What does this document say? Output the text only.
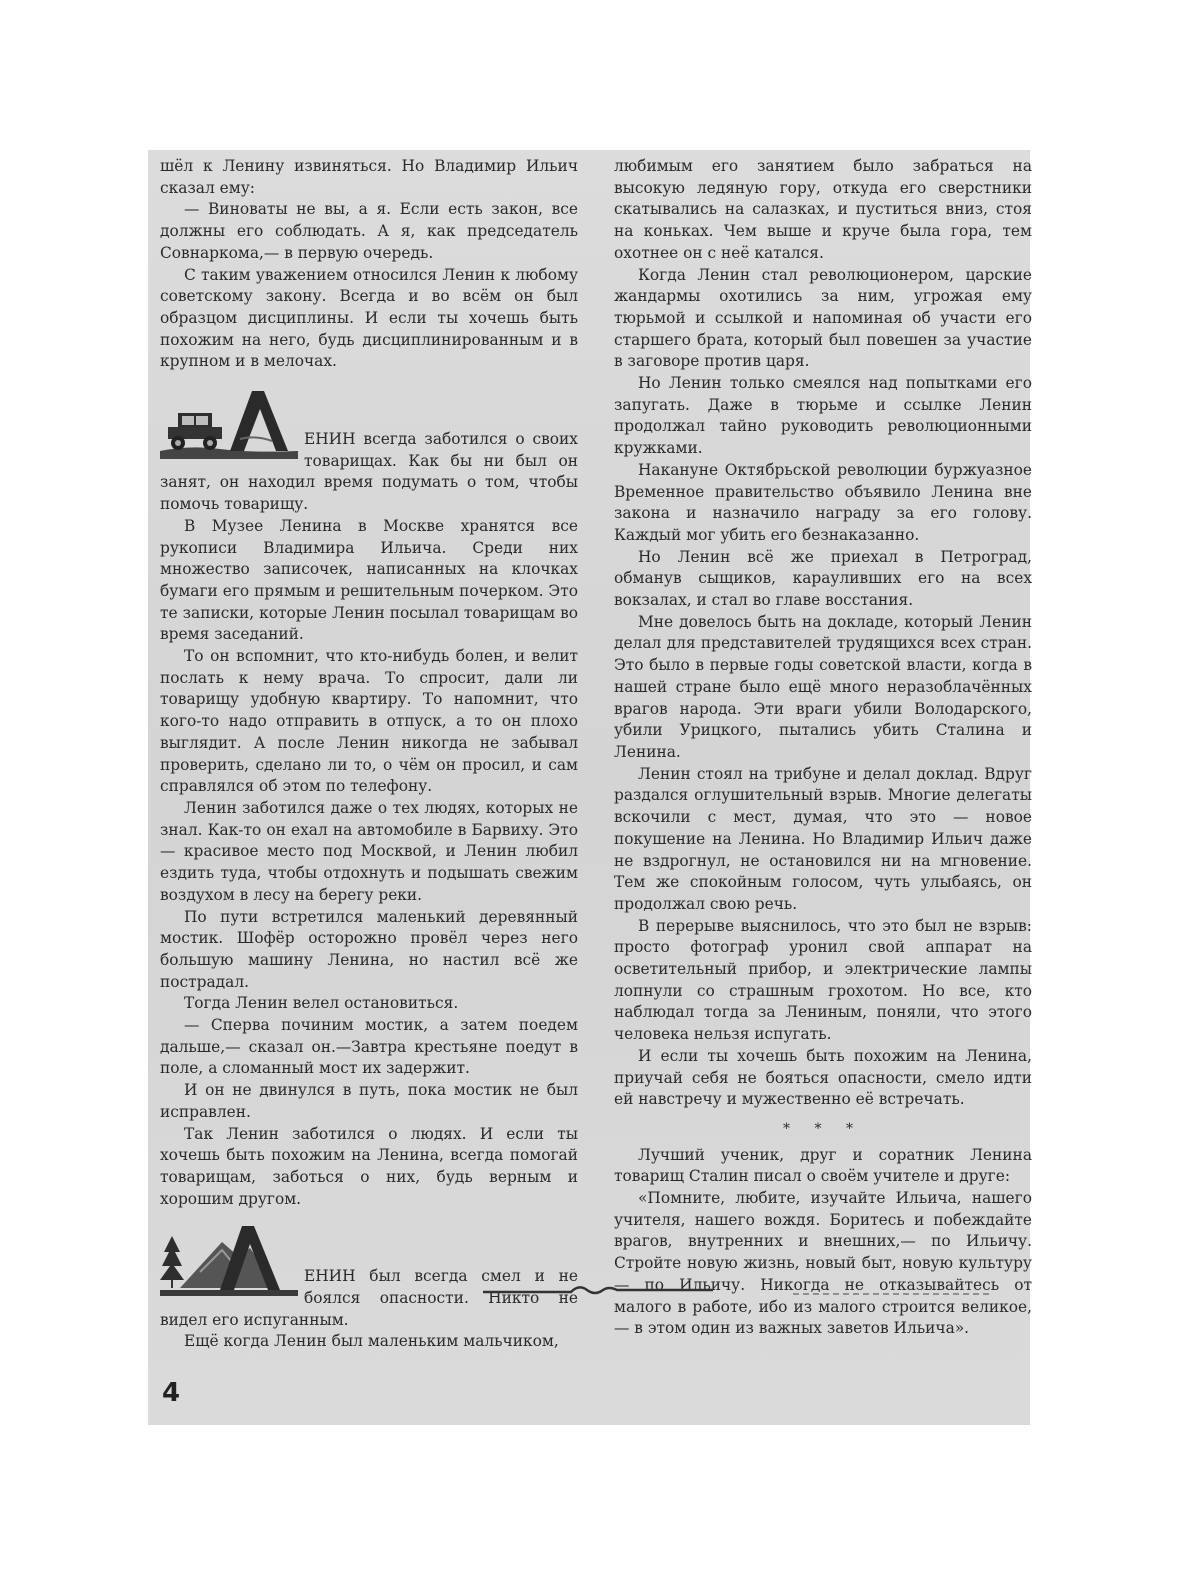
шёл к Ленину извиняться. Но Владимир Ильич сказал ему:

— Виноваты не вы, а я. Если есть закон, все должны его соблюдать. А я, как председатель Совнаркома,— в первую очередь.

С таким уважением относился Ленин к любому советскому закону. Всегда и во всём он был образцом дисциплины. И если ты хочешь быть похожим на него, будь дисциплинированным и в крупном и в мелочах.

ЕНИН всегда заботился о своих товарищах. Как бы ни был он занят, он находил время подумать о том, чтобы помочь товарищу.

В Музее Ленина в Москве хранятся все рукописи Владимира Ильича. Среди них множество записочек, написанных на клочках бумаги его прямым и решительным почерком. Это те записки, которые Ленин посылал товарищам во время заседаний.

То он вспомнит, что кто-нибудь болен, и велит послать к нему врача. То спросит, дали ли товарищу удобную квартиру. То напомнит, что кого-то надо отправить в отпуск, а то он плохо выглядит. А после Ленин никогда не забывал проверить, сделано ли то, о чём он просил, и сам справлялся об этом по телефону.

Ленин заботился даже о тех людях, которых не знал. Как-то он ехал на автомобиле в Барвиху. Это — красивое место под Москвой, и Ленин любил ездить туда, чтобы отдохнуть и подышать свежим воздухом в лесу на берегу реки.

По пути встретился маленький деревянный мостик. Шофёр осторожно провёл через него большую машину Ленина, но настил всё же пострадал.

Тогда Ленин велел остановиться.

— Сперва починим мостик, а затем поедем дальше,— сказал он.—Завтра крестьяне поедут в поле, а сломанный мост их задержит.

И он не двинулся в путь, пока мостик не был исправлен.

Так Ленин заботился о людях. И если ты хочешь быть похожим на Ленина, всегда помогай товарищам, заботься о них, будь верным и хорошим другом.

ЕНИН был всегда смел и не боялся опасности. Никто не видел его испуганным.

Ещё когда Ленин был маленьким мальчиком,

любимым его занятием было забраться на высокую ледяную гору, откуда его сверстники скатывались на салазках, и пуститься вниз, стоя на коньках. Чем выше и круче была гора, тем охотнее он с неё катался.

Когда Ленин стал революционером, царские жандармы охотились за ним, угрожая ему тюрьмой и ссылкой и напоминая об участи его старшего брата, который был повешен за участие в заговоре против царя.

Но Ленин только смеялся над попытками его запугать. Даже в тюрьме и ссылке Ленин продолжал тайно руководить революционными кружками.

Накануне Октябрьской революции буржуазное Временное правительство объявило Ленина вне закона и назначило награду за его голову. Каждый мог убить его безнаказанно.

Но Ленин всё же приехал в Петроград, обманув сыщиков, карауливших его на всех вокзалах, и стал во главе восстания.

Мне довелось быть на докладе, который Ленин делал для представителей трудящихся всех стран. Это было в первые годы советской власти, когда в нашей стране было ещё много неразоблачённых врагов народа. Эти враги убили Володарского, убили Урицкого, пытались убить Сталина и Ленина.

Ленин стоял на трибуне и делал доклад. Вдруг раздался оглушительный взрыв. Многие делегаты вскочили с мест, думая, что это — новое покушение на Ленина. Но Владимир Ильич даже не вздрогнул, не остановился ни на мгновение. Тем же спокойным голосом, чуть улыбаясь, он продолжал свою речь.

В перерыве выяснилось, что это был не взрыв: просто фотограф уронил свой аппарат на осветительный прибор, и электрические лампы лопнули со страшным грохотом. Но все, кто наблюдал тогда за Лениным, поняли, что этого человека нельзя испугать.

И если ты хочешь быть похожим на Ленина, приучай себя не бояться опасности, смело идти ей навстречу и мужественно её встречать.

* * *

Лучший ученик, друг и соратник Ленина товарищ Сталин писал о своём учителе и друге:

«Помните, любите, изучайте Ильича, нашего учителя, нашего вождя. Боритесь и побеждайте врагов, внутренних и внешних,— по Ильичу. Стройте новую жизнь, новый быт, новую культуру — по Ильичу. Никогда не отказывайтесь от малого в работе, ибо из малого строится великое,— в этом один из важных заветов Ильича».

4
